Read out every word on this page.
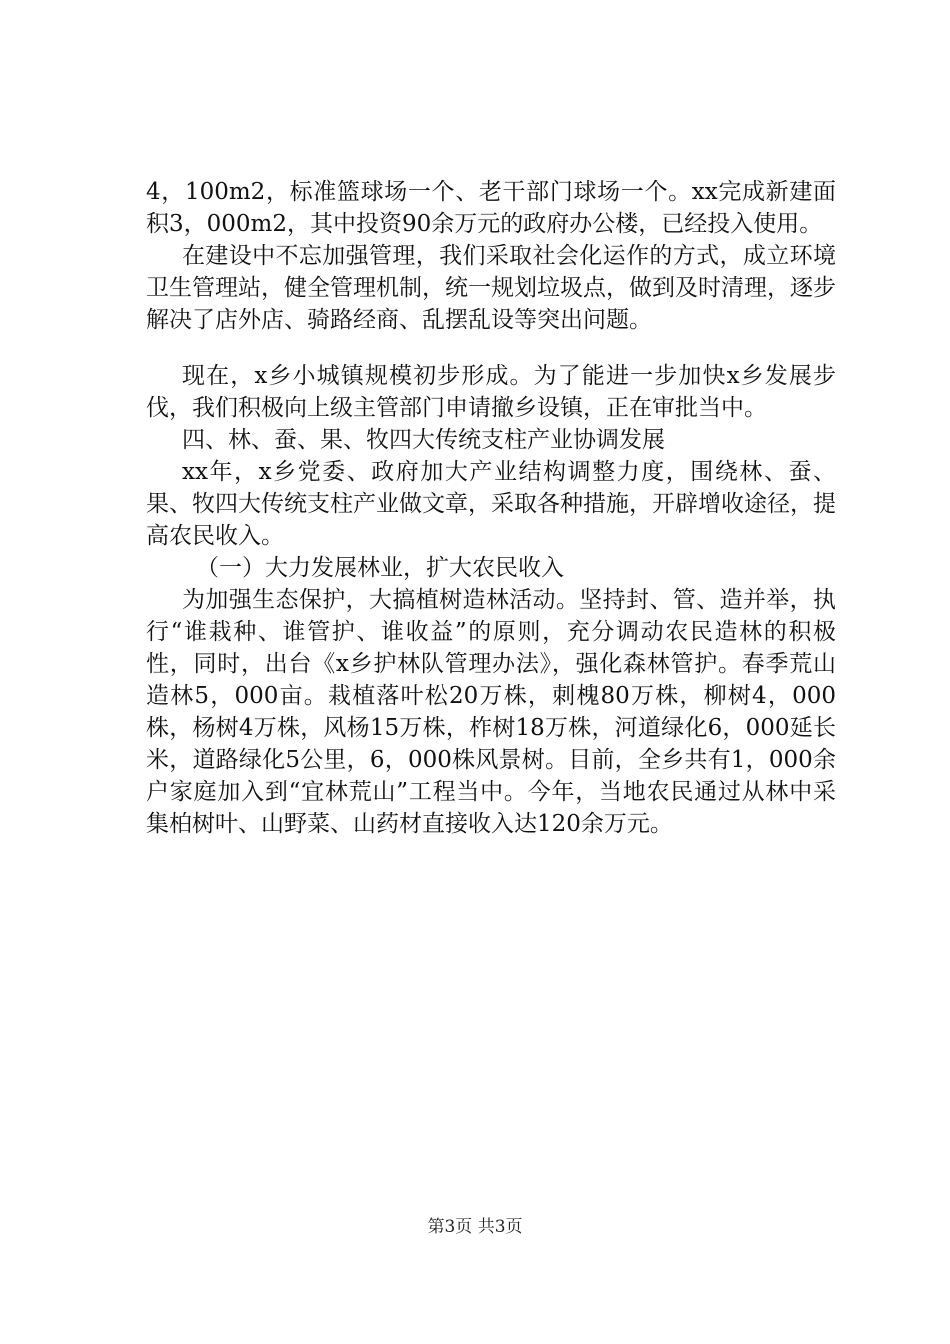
4，100m2，标准篮球场一个、老干部门球场一个。xx完成新建面积3，000m2，其中投资90余万元的政府办公楼，已经投入使用。

在建设中不忘加强管理，我们采取社会化运作的方式，成立环境卫生管理站，健全管理机制，统一规划垃圾点，做到及时清理，逐步解决了店外店、骑路经商、乱摆乱设等突出问题。

现在，x乡小城镇规模初步形成。为了能进一步加快x乡发展步伐，我们积极向上级主管部门申请撤乡设镇，正在审批当中。

四、林、蚕、果、牧四大传统支柱产业协调发展

xx年，x乡党委、政府加大产业结构调整力度，围绕林、蚕、果、牧四大传统支柱产业做文章，采取各种措施，开辟增收途径，提高农民收入。

（一）大力发展林业，扩大农民收入

为加强生态保护，大搞植树造林活动。坚持封、管、造并举，执行“谁栽种、谁管护、谁收益”的原则，充分调动农民造林的积极性，同时，出台《x乡护林队管理办法》，强化森林管护。春季荒山造林5，000亩。栽植落叶松20万株，刺槐80万株，柳树4，000株，杨树4万株，风杨15万株，柞树18万株，河道绿化6，000延长米，道路绿化5公里，6，000株风景树。目前，全乡共有1，000余户家庭加入到“宜林荒山”工程当中。今年，当地农民通过从林中采集柏树叶、山野菜、山药材直接收入达120余万元。

第3页 共3页
